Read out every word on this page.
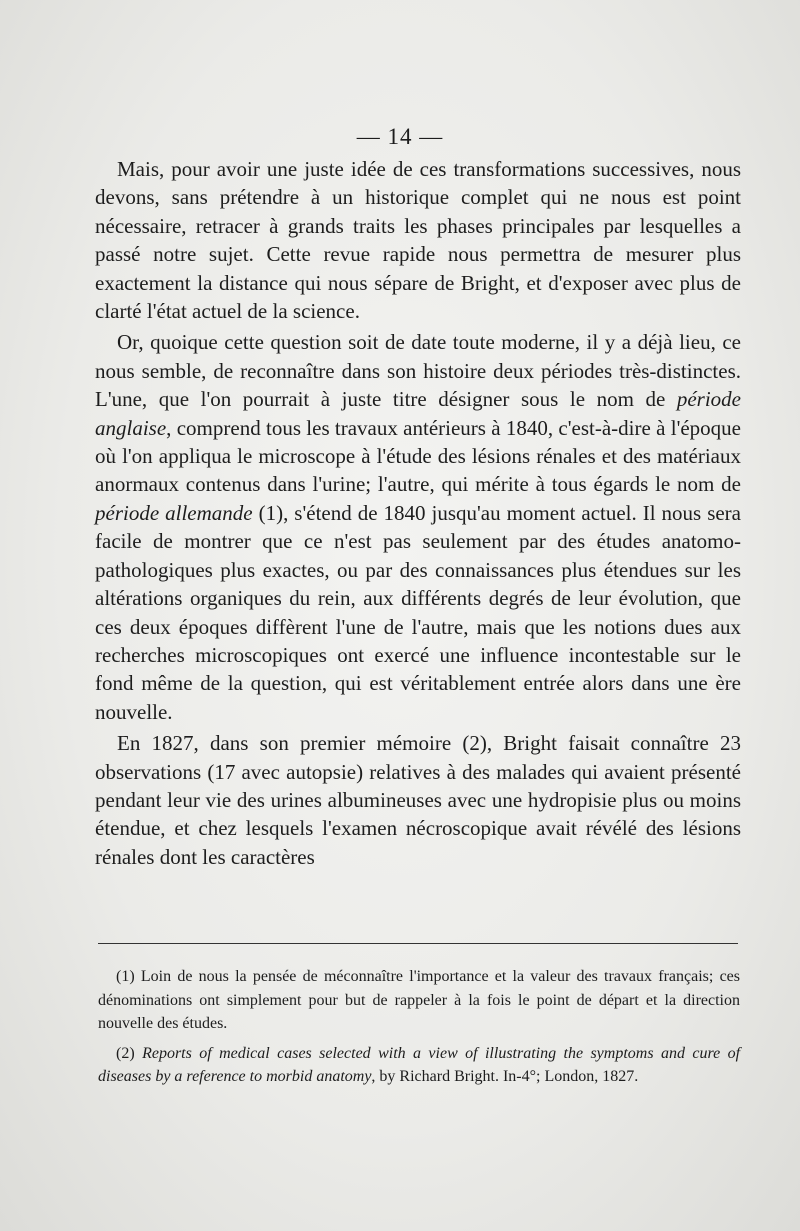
— 14 —

Mais, pour avoir une juste idée de ces transformations successives, nous devons, sans prétendre à un historique complet qui ne nous est point nécessaire, retracer à grands traits les phases principales par lesquelles a passé notre sujet. Cette revue rapide nous permettra de mesurer plus exactement la distance qui nous sépare de Bright, et d'exposer avec plus de clarté l'état actuel de la science.

Or, quoique cette question soit de date toute moderne, il y a déjà lieu, ce nous semble, de reconnaître dans son histoire deux périodes très-distinctes. L'une, que l'on pourrait à juste titre désigner sous le nom de période anglaise, comprend tous les travaux antérieurs à 1840, c'est-à-dire à l'époque où l'on appliqua le microscope à l'étude des lésions rénales et des matériaux anormaux contenus dans l'urine; l'autre, qui mérite à tous égards le nom de période allemande (1), s'étend de 1840 jusqu'au moment actuel. Il nous sera facile de montrer que ce n'est pas seulement par des études anatomo-pathologiques plus exactes, ou par des connaissances plus étendues sur les altérations organiques du rein, aux différents degrés de leur évolution, que ces deux époques diffèrent l'une de l'autre, mais que les notions dues aux recherches microscopiques ont exercé une influence incontestable sur le fond même de la question, qui est véritablement entrée alors dans une ère nouvelle.

En 1827, dans son premier mémoire (2), Bright faisait connaître 23 observations (17 avec autopsie) relatives à des malades qui avaient présenté pendant leur vie des urines albumineuses avec une hydropisie plus ou moins étendue, et chez lesquels l'examen nécroscopique avait révélé des lésions rénales dont les caractères

(1) Loin de nous la pensée de méconnaître l'importance et la valeur des travaux français; ces dénominations ont simplement pour but de rappeler à la fois le point de départ et la direction nouvelle des études.

(2) Reports of medical cases selected with a view of illustrating the symptoms and cure of diseases by a reference to morbid anatomy, by Richard Bright. In-4°; London, 1827.
